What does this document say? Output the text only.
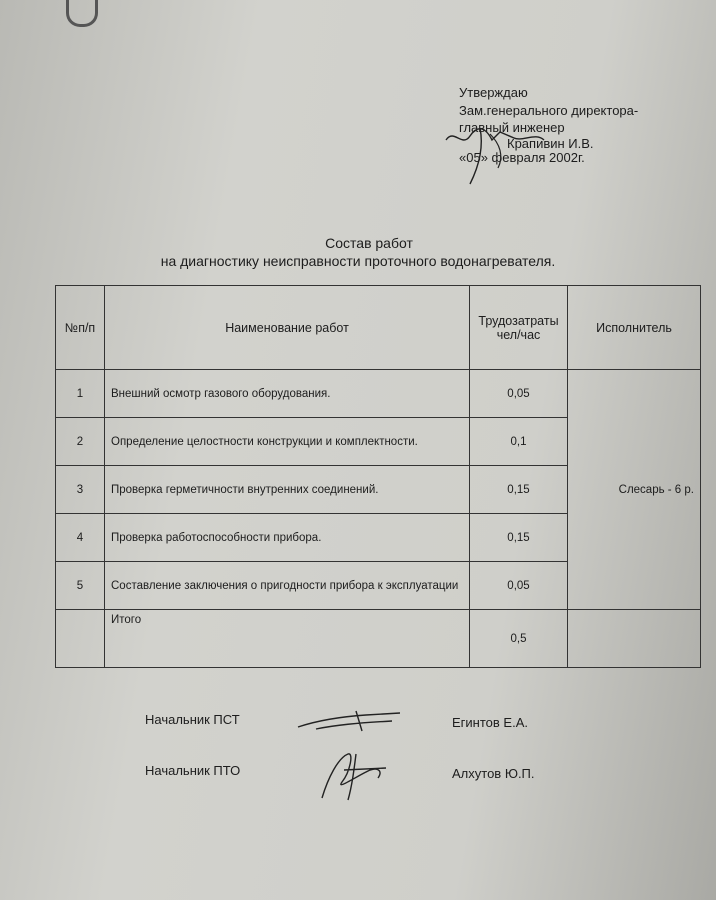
Утверждаю
Зам.генерального директора-
главный инженер
Крапивин И.В.
«05» февраля 2002г.
Состав работ
на диагностику неисправности проточного водонагревателя.
№п/п	Наименование работ	Трудозатраты чел/час	Исполнитель
1	Внешний осмотр газового оборудования.	0,05	Слесарь - 6 р.
2	Определение целостности конструкции и комплектности.	0,1	
3	Проверка герметичности внутренних соединений.	0,15	
4	Проверка работоспособности прибора.	0,15	
5	Составление заключения о пригодности прибора к эксплуатации	0,05	
	Итого	0,5	
Начальник ПСТ	Егинтов Е.А.
Начальник ПТО	Алхутов Ю.П.
